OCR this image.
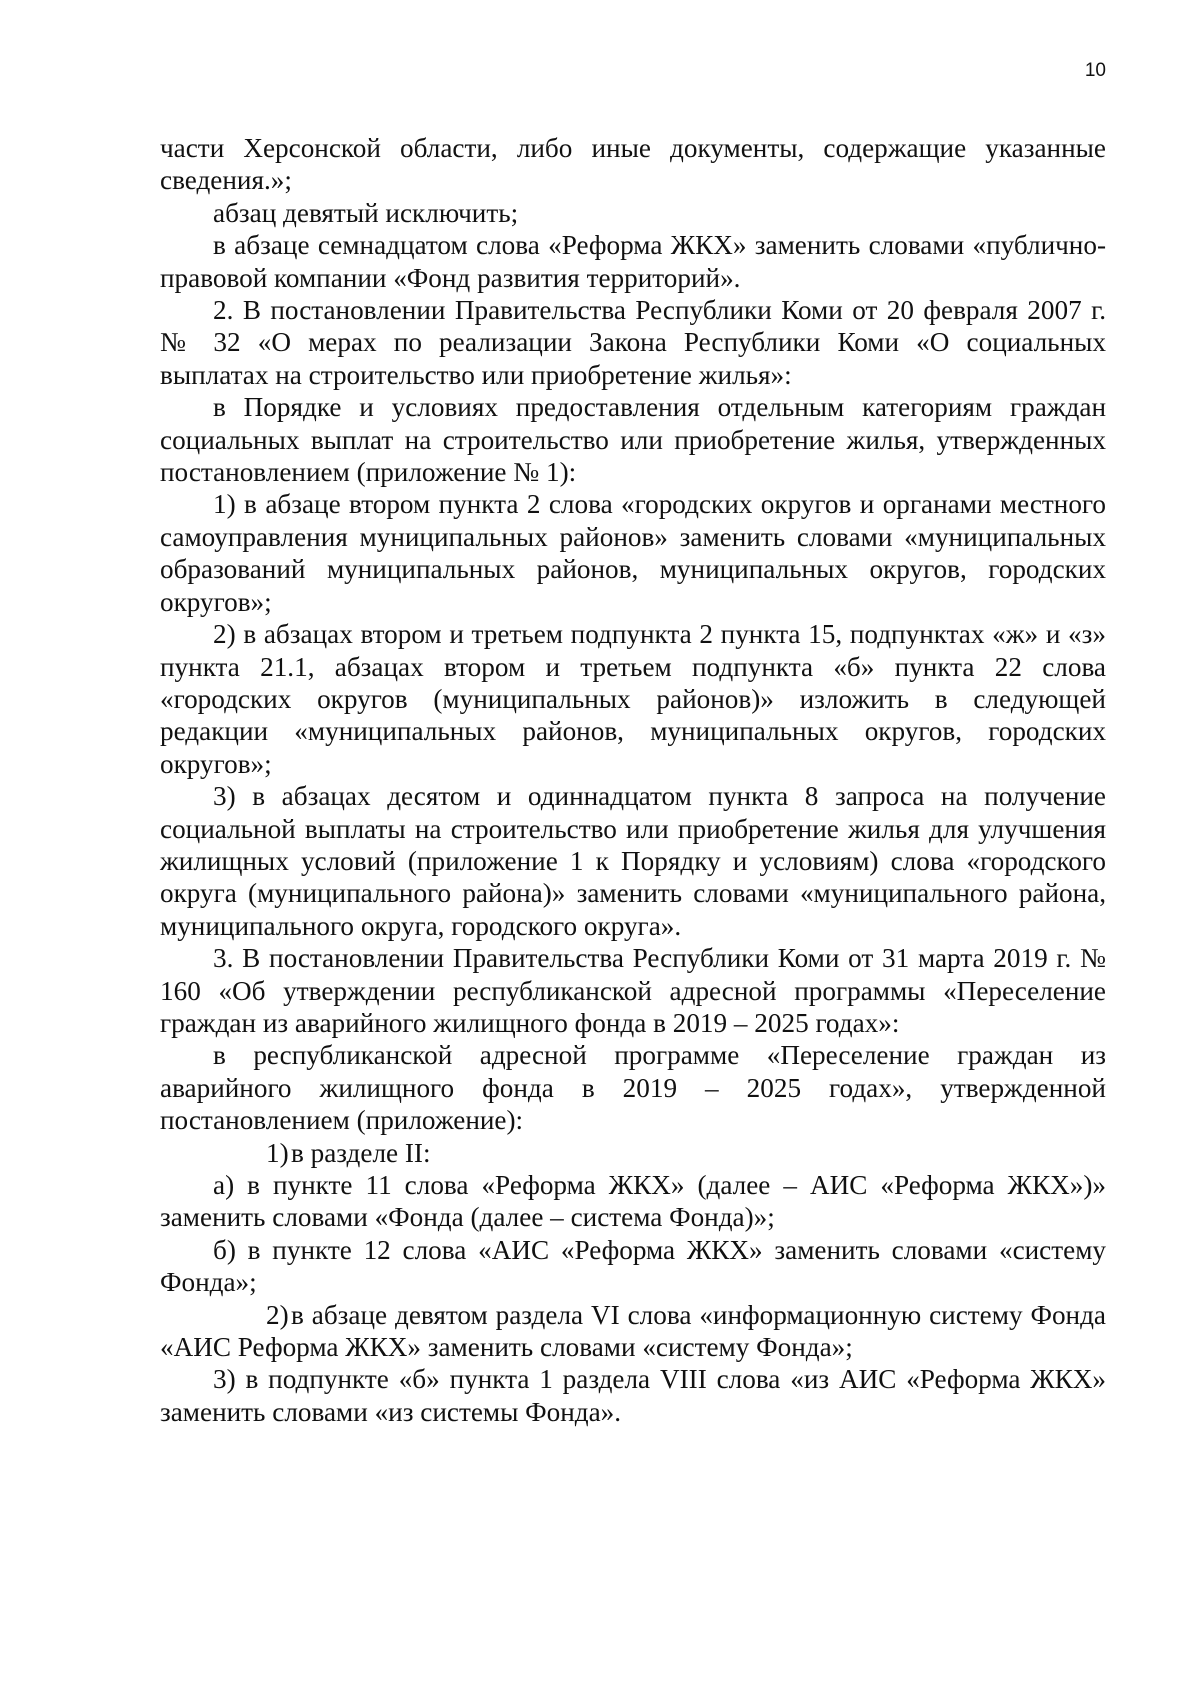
10

части Херсонской области, либо иные документы, содержащие указанные сведения.»;

абзац девятый исключить;

в абзаце семнадцатом слова «Реформа ЖКХ» заменить словами «публично-правовой компании «Фонд развития территорий».

2. В постановлении Правительства Республики Коми от 20 февраля 2007 г. № 32 «О мерах по реализации Закона Республики Коми «О социальных выплатах на строительство или приобретение жилья»:

в Порядке и условиях предоставления отдельным категориям граждан социальных выплат на строительство или приобретение жилья, утвержденных постановлением (приложение № 1):

1) в абзаце втором пункта 2 слова «городских округов и органами местного самоуправления муниципальных районов» заменить словами «муниципальных образований муниципальных районов, муниципальных округов, городских округов»;

2) в абзацах втором и третьем подпункта 2 пункта 15, подпунктах «ж» и «з» пункта 21.1, абзацах втором и третьем подпункта «б» пункта 22 слова «городских округов (муниципальных районов)» изложить в следующей редакции «муниципальных районов, муниципальных округов, городских округов»;

3) в абзацах десятом и одиннадцатом пункта 8 запроса на получение социальной выплаты на строительство или приобретение жилья для улучшения жилищных условий (приложение 1 к Порядку и условиям) слова «городского округа (муниципального района)» заменить словами «муниципального района, муниципального округа, городского округа».

3. В постановлении Правительства Республики Коми от 31 марта 2019 г. № 160 «Об утверждении республиканской адресной программы «Переселение граждан из аварийного жилищного фонда в 2019 – 2025 годах»:

в республиканской адресной программе «Переселение граждан из аварийного жилищного фонда в 2019 – 2025 годах», утвержденной постановлением (приложение):

1)в разделе II:

а) в пункте 11 слова «Реформа ЖКХ» (далее – АИС «Реформа ЖКХ»)» заменить словами «Фонда (далее – система Фонда)»;

б) в пункте 12 слова «АИС «Реформа ЖКХ» заменить словами «систему Фонда»;

2)в абзаце девятом раздела VI слова «информационную систему Фонда «АИС Реформа ЖКХ» заменить словами «систему Фонда»;

3) в подпункте «б» пункта 1 раздела VIII слова «из АИС «Реформа ЖКХ» заменить словами «из системы Фонда».
